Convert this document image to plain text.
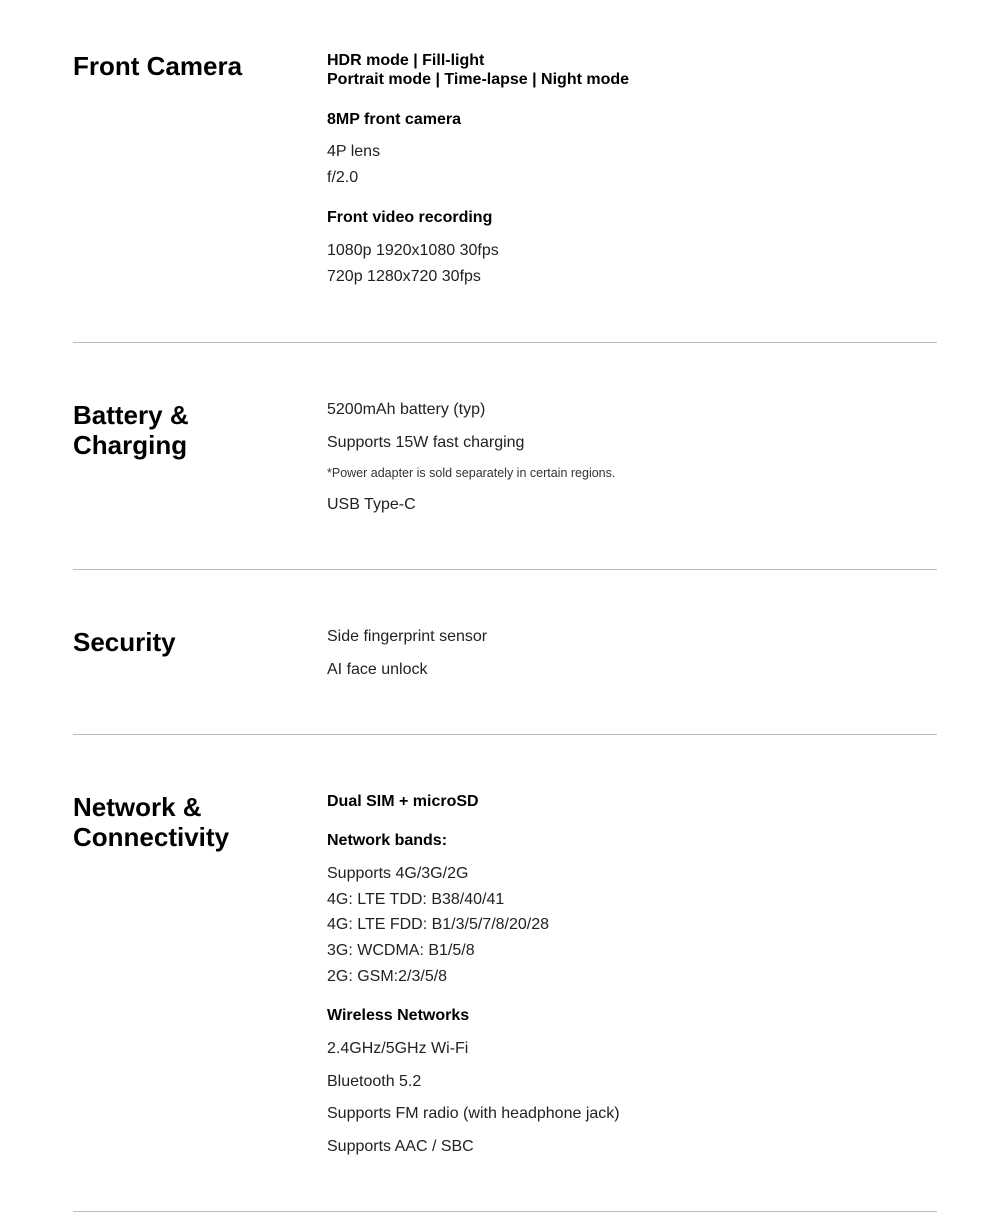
Front Camera	HDR mode | Fill-light
Portrait mode | Time-lapse | Night mode
8MP front camera
4P lens
f/2.0
Front video recording
1080p 1920x1080 30fps
720p 1280x720 30fps
Battery &
Charging
5200mAh battery (typ)
Supports 15W fast charging
*Power adapter is sold separately in certain regions.
USB Type-C
Security	Side fingerprint sensor
AI face unlock
Network &
Connectivity
Dual SIM + microSD
Network bands:
Supports 4G/3G/2G
4G: LTE TDD: B38/40/41
4G: LTE FDD: B1/3/5/7/8/20/28
3G: WCDMA: B1/5/8
2G: GSM:2/3/5/8
Wireless Networks
2.4GHz/5GHz Wi-Fi
Bluetooth 5.2
Supports FM radio (with headphone jack)
Supports AAC / SBC
